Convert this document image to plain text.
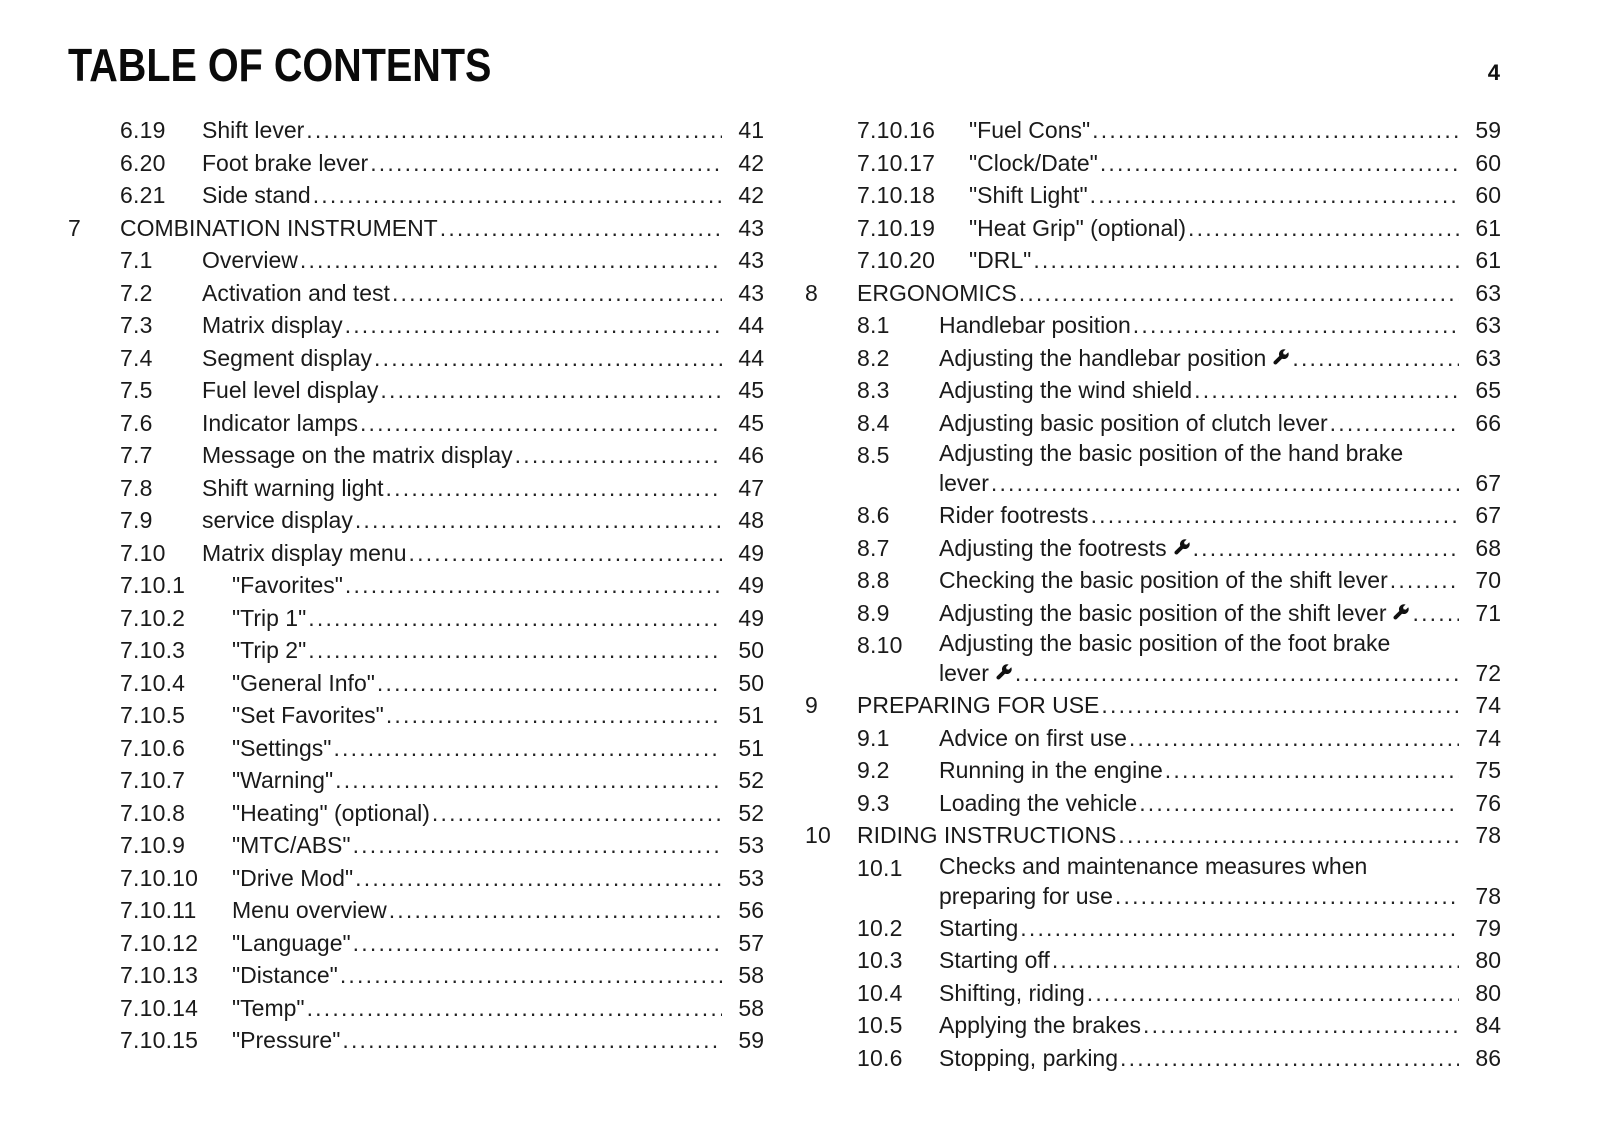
TABLE OF CONTENTS	4
6.19 Shift lever .....	41
6.20 Foot brake lever .....	42
6.21 Side stand .....	42
7 COMBINATION INSTRUMENT .....	43
7.1 Overview .....	43
7.2 Activation and test .....	43
7.3 Matrix display .....	44
7.4 Segment display .....	44
7.5 Fuel level display .....	45
7.6 Indicator lamps .....	45
7.7 Message on the matrix display .....	46
7.8 Shift warning light .....	47
7.9 service display .....	48
7.10 Matrix display menu .....	49
7.10.1 "Favorites" .....	49
7.10.2 "Trip 1" .....	49
7.10.3 "Trip 2" .....	50
7.10.4 "General Info" .....	50
7.10.5 "Set Favorites" .....	51
7.10.6 "Settings" .....	51
7.10.7 "Warning" .....	52
7.10.8 "Heating" (optional) .....	52
7.10.9 "MTC/ABS" .....	53
7.10.10 "Drive Mod" .....	53
7.10.11 Menu overview .....	56
7.10.12 "Language" .....	57
7.10.13 "Distance" .....	58
7.10.14 "Temp" .....	58
7.10.15 "Pressure" .....	59
7.10.16 "Fuel Cons" .....	59
7.10.17 "Clock/Date" .....	60
7.10.18 "Shift Light" .....	60
7.10.19 "Heat Grip" (optional) .....	61
7.10.20 "DRL" .....	61
8 ERGONOMICS .....	63
8.1 Handlebar position .....	63
8.2 Adjusting the handlebar position .....	63
8.3 Adjusting the wind shield .....	65
8.4 Adjusting basic position of clutch lever .....	66
8.5 Adjusting the basic position of the hand brake
lever .....	67
8.6 Rider footrests .....	67
8.7 Adjusting the footrests .....	68
8.8 Checking the basic position of the shift lever .....	70
8.9 Adjusting the basic position of the shift lever .....	71
8.10 Adjusting the basic position of the foot brake
lever .....	72
9 PREPARING FOR USE .....	74
9.1 Advice on first use .....	74
9.2 Running in the engine .....	75
9.3 Loading the vehicle .....	76
10 RIDING INSTRUCTIONS .....	78
10.1 Checks and maintenance measures when
preparing for use .....	78
10.2 Starting .....	79
10.3 Starting off .....	80
10.4 Shifting, riding .....	80
10.5 Applying the brakes .....	84
10.6 Stopping, parking .....	86
